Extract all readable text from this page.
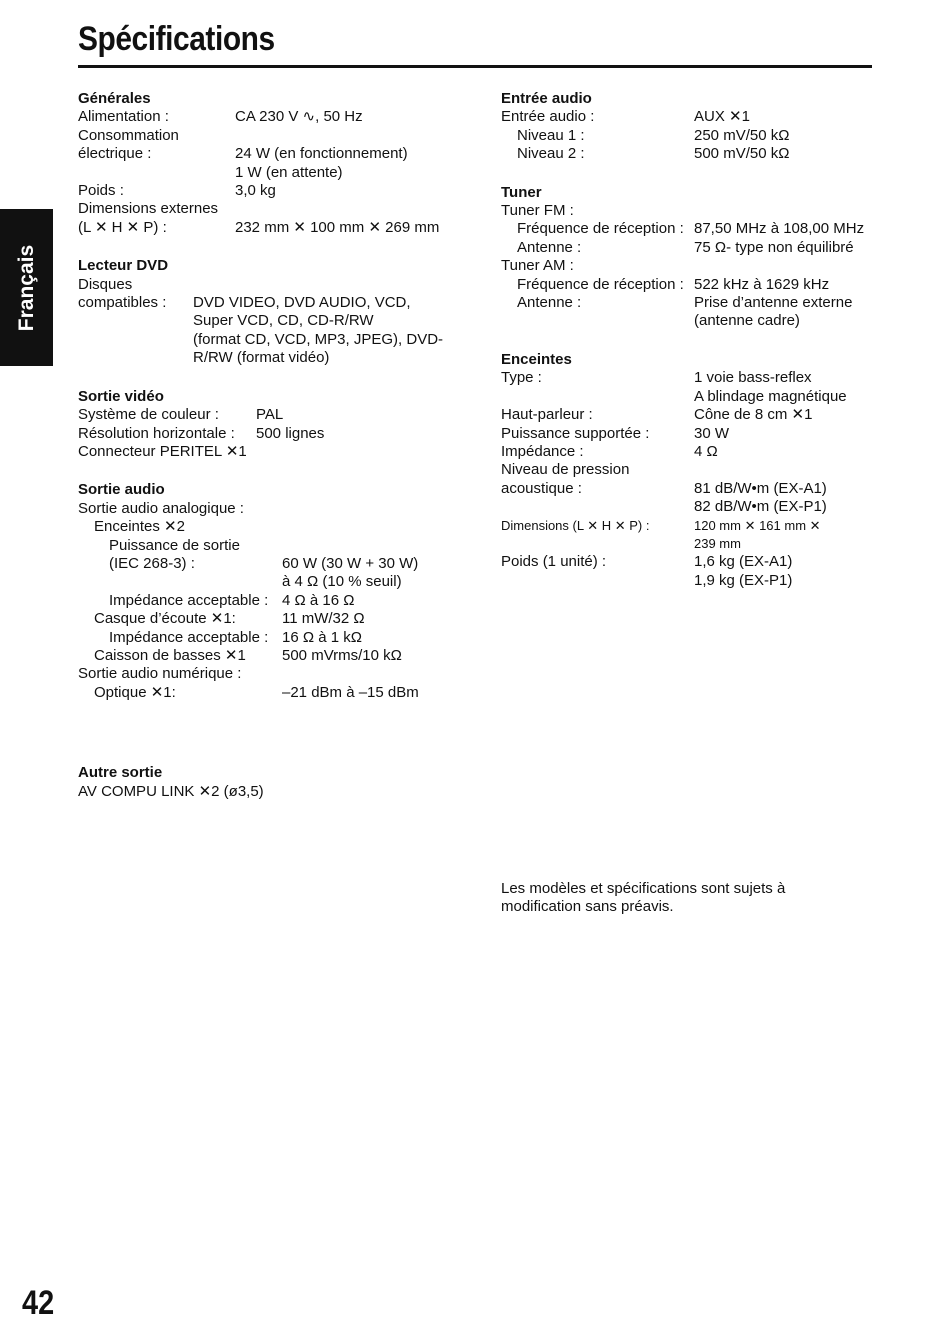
Spécifications
Français
Générales
Alimentation :	CA 230 V ∿, 50 Hz
Consommation
électrique :	24 W (en fonctionnement)
1 W (en attente)
Poids :	3,0 kg
Dimensions externes
(L ✕ H ✕ P) :	232 mm ✕ 100 mm ✕ 269 mm
Lecteur DVD
Disques
compatibles :	DVD VIDEO, DVD AUDIO, VCD,
Super VCD, CD, CD-R/RW
(format CD, VCD, MP3, JPEG), DVD-
R/RW (format vidéo)
Sortie vidéo
Système de couleur :	PAL
Résolution horizontale :	500 lignes
Connecteur PERITEL ✕1
Sortie audio
Sortie audio analogique :
Enceintes ✕2
Puissance de sortie
(IEC 268-3) :	60 W (30 W + 30 W)
à 4 Ω (10 % seuil)
Impédance acceptable : 4 Ω à 16 Ω
Casque d’écoute ✕1:	11 mW/32 Ω
Impédance acceptable : 16 Ω à 1 kΩ
Caisson de basses ✕1	500 mVrms/10 kΩ
Sortie audio numérique :
Optique ✕1:	–21 dBm à –15 dBm
Autre sortie
AV COMPU LINK ✕2 (ø3,5)
Entrée audio
Entrée audio :	AUX ✕1
Niveau 1 :	250 mV/50 kΩ
Niveau 2 :	500 mV/50 kΩ
Tuner
Tuner FM :
Fréquence de réception : 87,50 MHz à 108,00 MHz
Antenne :	75 Ω- type non équilibré
Tuner AM :
Fréquence de réception : 522 kHz à 1629 kHz
Antenne :	Prise d’antenne externe
(antenne cadre)
Enceintes
Type :	1 voie bass-reflex
A blindage magnétique
Haut-parleur :	Cône de 8 cm ✕1
Puissance supportée :	30 W
Impédance :	4 Ω
Niveau de pression
acoustique :	81 dB/W•m (EX-A1)
82 dB/W•m (EX-P1)
Dimensions (L ✕ H ✕ P) :	120 mm ✕ 161 mm ✕
239 mm
Poids (1 unité) :	1,6 kg (EX-A1)
1,9 kg (EX-P1)
Les modèles et spécifications sont sujets à
modification sans préavis.
42
